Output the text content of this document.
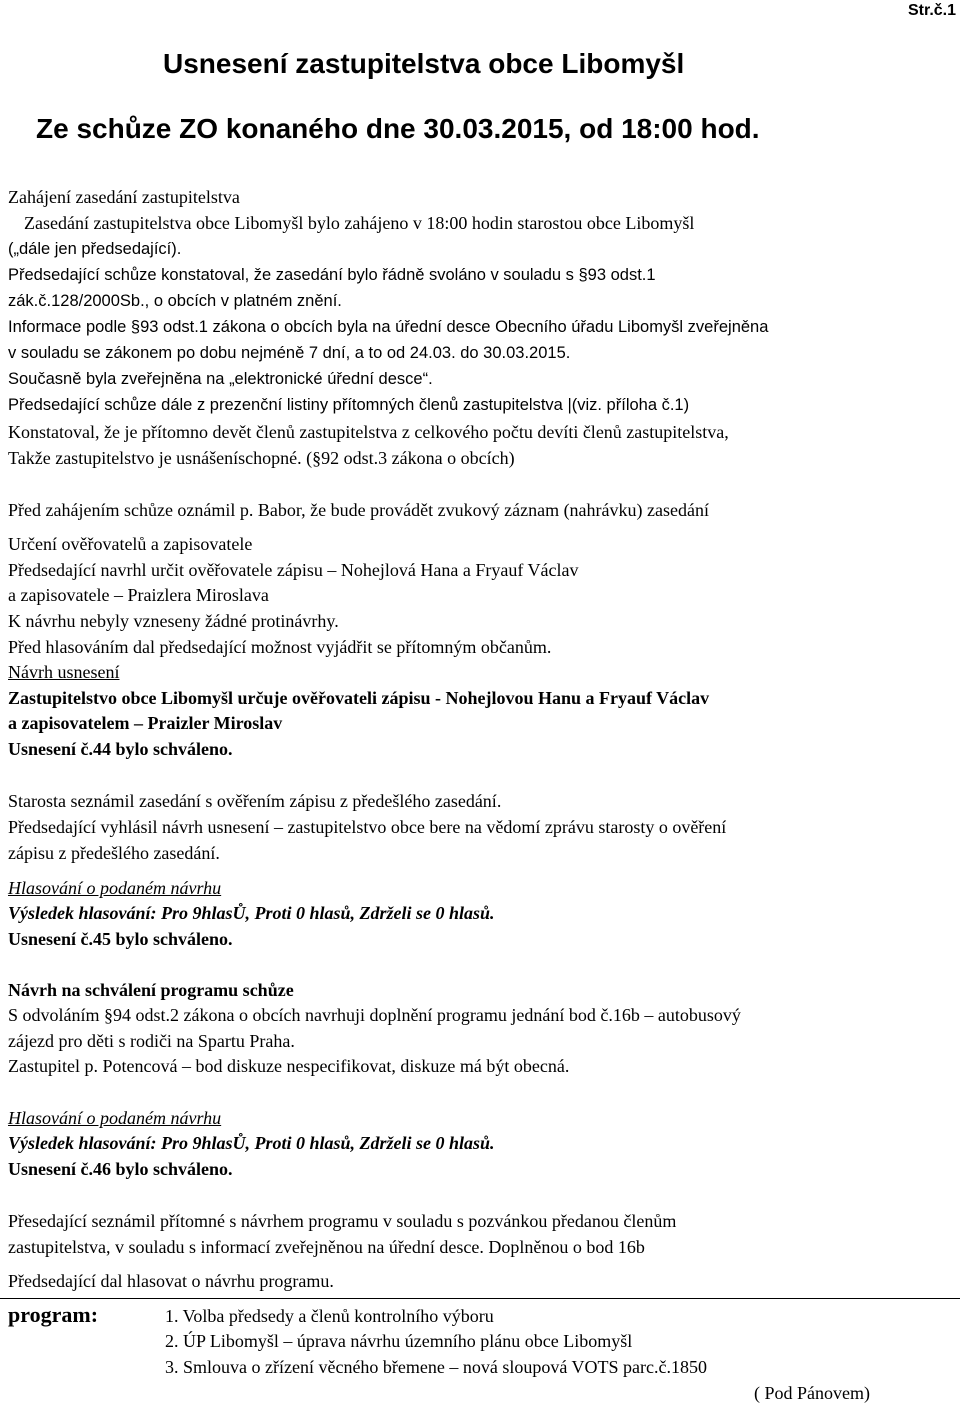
Str.č.1
Usnesení zastupitelstva obce Libomyšl
Ze schůze ZO konaného dne 30.03.2015, od 18:00 hod.
Zahájení zasedání zastupitelstva
Zasedání zastupitelstva obce Libomyšl bylo zahájeno v 18:00 hodin starostou obce Libomyšl
(„dále jen předsedající).
Předsedající schůze konstatoval, že zasedání bylo řádně svoláno v souladu s §93 odst.1
zák.č.128/2000Sb., o obcích v platném znění.
Informace podle §93 odst.1 zákona o obcích byla na úřední desce Obecního úřadu Libomyšl zveřejněna
v souladu se zákonem po dobu nejméně 7 dní, a to od 24.03. do 30.03.2015.
Současně byla zveřejněna na „elektronické úřední desce“.
Předsedající schůze dále z prezenční listiny přítomných členů zastupitelstva |(viz. příloha č.1)
Konstatoval, že je přítomno devět členů zastupitelstva z celkového počtu devíti členů zastupitelstva,
Takže zastupitelstvo je usnášeníschopné. (§92 odst.3 zákona o obcích)
Před zahájením schůze oznámil p. Babor, že bude provádět zvukový záznam (nahrávku) zasedání
Určení ověřovatelů a zapisovatele
Předsedající navrhl určit ověřovatele zápisu – Nohejlová Hana a Fryauf Václav
a zapisovatele – Praizlera Miroslava
K návrhu nebyly vzneseny žádné protinávrhy.
Před hlasováním dal předsedající možnost vyjádřit se přítomným občanům.
Návrh usnesení
Zastupitelstvo obce Libomyšl určuje ověřovateli zápisu - Nohejlovou Hanu a Fryauf Václav
a zapisovatelem – Praizler Miroslav
Usnesení č.44 bylo schváleno.
Starosta seznámil zasedání s ověřením zápisu z předešlého zasedání.
Předsedající vyhlásil návrh usnesení – zastupitelstvo obce bere na vědomí zprávu starosty o ověření
zápisu z předešlého zasedání.
Hlasování o podaném návrhu
Výsledek hlasování: Pro 9hlasŮ, Proti 0 hlasů, Zdrželi se 0 hlasů.
Usnesení č.45 bylo schváleno.
Návrh na schválení programu schůze
S odvoláním §94 odst.2 zákona o obcích navrhuji doplnění programu jednání bod č.16b – autobusový
zájezd pro děti s rodiči na Spartu Praha.
Zastupitel p. Potencová – bod diskuze nespecifikovat, diskuze má být obecná.
Hlasování o podaném návrhu
Výsledek hlasování: Pro 9hlasŮ, Proti 0 hlasů, Zdrželi se 0 hlasů.
Usnesení č.46 bylo schváleno.
Přesedající seznámil přítomné s návrhem programu v souladu s pozvánkou předanou členům
zastupitelstva, v souladu s informací zveřejněnou na úřední desce. Doplněnou o bod 16b
Předsedající dal hlasovat o návrhu programu.
program:	1. Volba předsedy a členů kontrolního výboru
2. ÚP Libomyšl – úprava návrhu územního plánu obce Libomyšl
3. Smlouva o zřízení věcného břemene – nová sloupová VOTS parc.č.1850
( Pod Pánovem)
